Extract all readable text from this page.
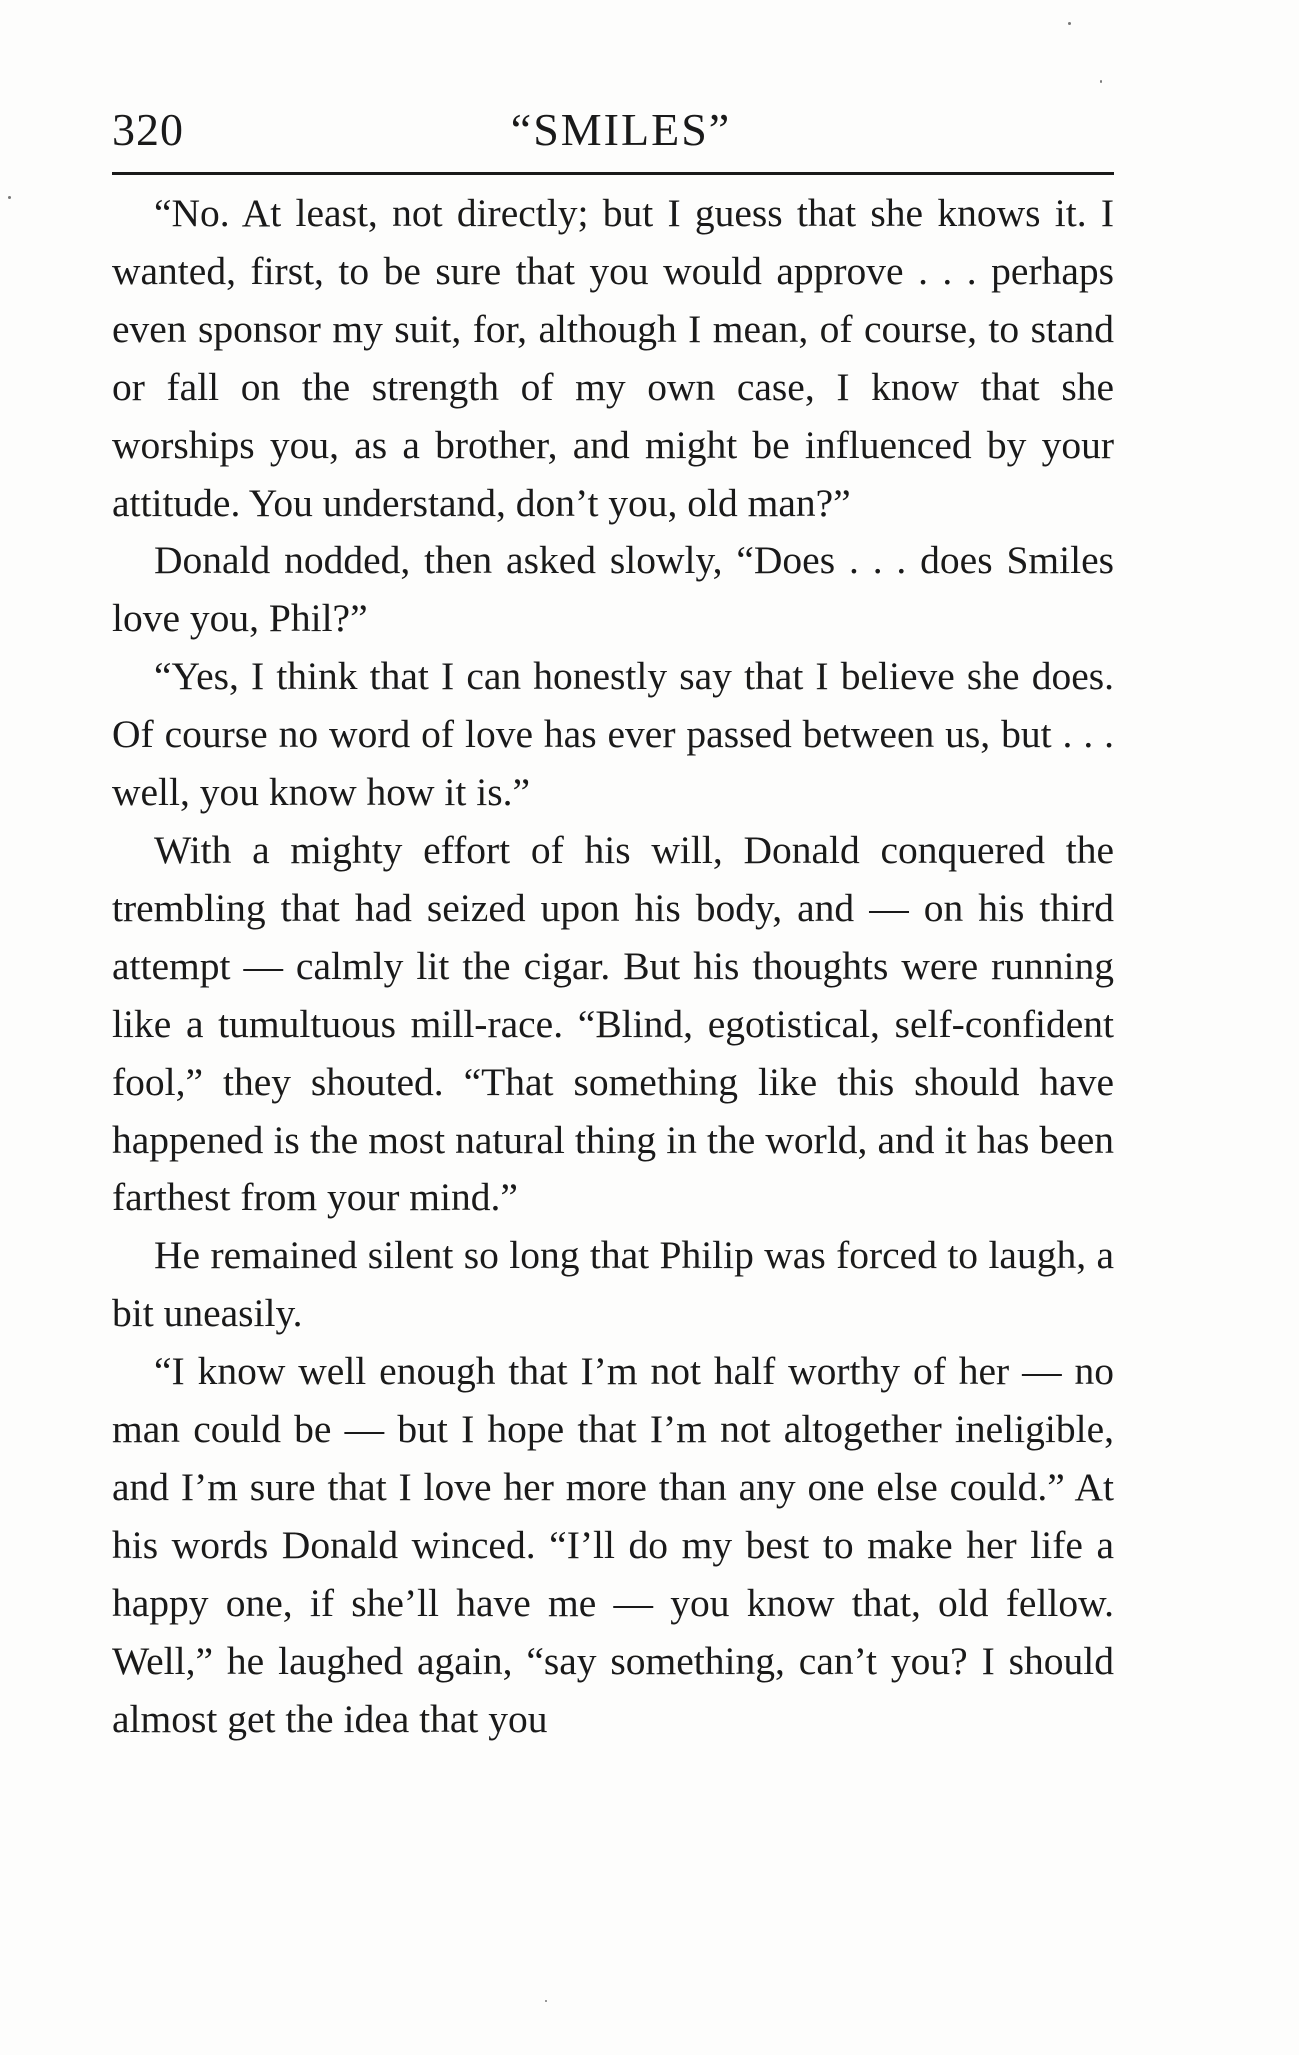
320	“SMILES”

“No. At least, not directly; but I guess that she knows it. I wanted, first, to be sure that you would approve . . . perhaps even sponsor my suit, for, although I mean, of course, to stand or fall on the strength of my own case, I know that she worships you, as a brother, and might be influenced by your attitude. You understand, don’t you, old man?”

Donald nodded, then asked slowly, “Does . . . does Smiles love you, Phil?”

“Yes, I think that I can honestly say that I believe she does. Of course no word of love has ever passed between us, but . . . well, you know how it is.”

With a mighty effort of his will, Donald conquered the trembling that had seized upon his body, and — on his third attempt — calmly lit the cigar. But his thoughts were running like a tumultuous mill-race. “Blind, egotistical, self-confident fool,” they shouted. “That something like this should have happened is the most natural thing in the world, and it has been farthest from your mind.”

He remained silent so long that Philip was forced to laugh, a bit uneasily.

“I know well enough that I’m not half worthy of her — no man could be — but I hope that I’m not altogether ineligible, and I’m sure that I love her more than any one else could.” At his words Donald winced. “I’ll do my best to make her life a happy one, if she’ll have me — you know that, old fellow. Well,” he laughed again, “say something, can’t you? I should almost get the idea that you
